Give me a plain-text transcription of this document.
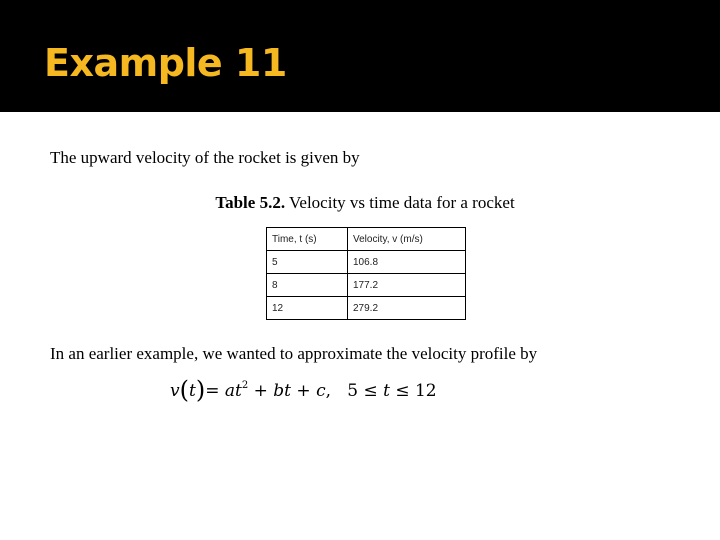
Example 11
The upward velocity of the rocket is given by
Table 5.2. Velocity vs time data for a rocket
Time, t (s)	Velocity, v (m/s)
5	106.8
8	177.2
12	279.2
In an earlier example, we wanted to approximate the velocity profile by
$v(t)= at^2$ + bt + c,   5 ≤ t ≤ 12
